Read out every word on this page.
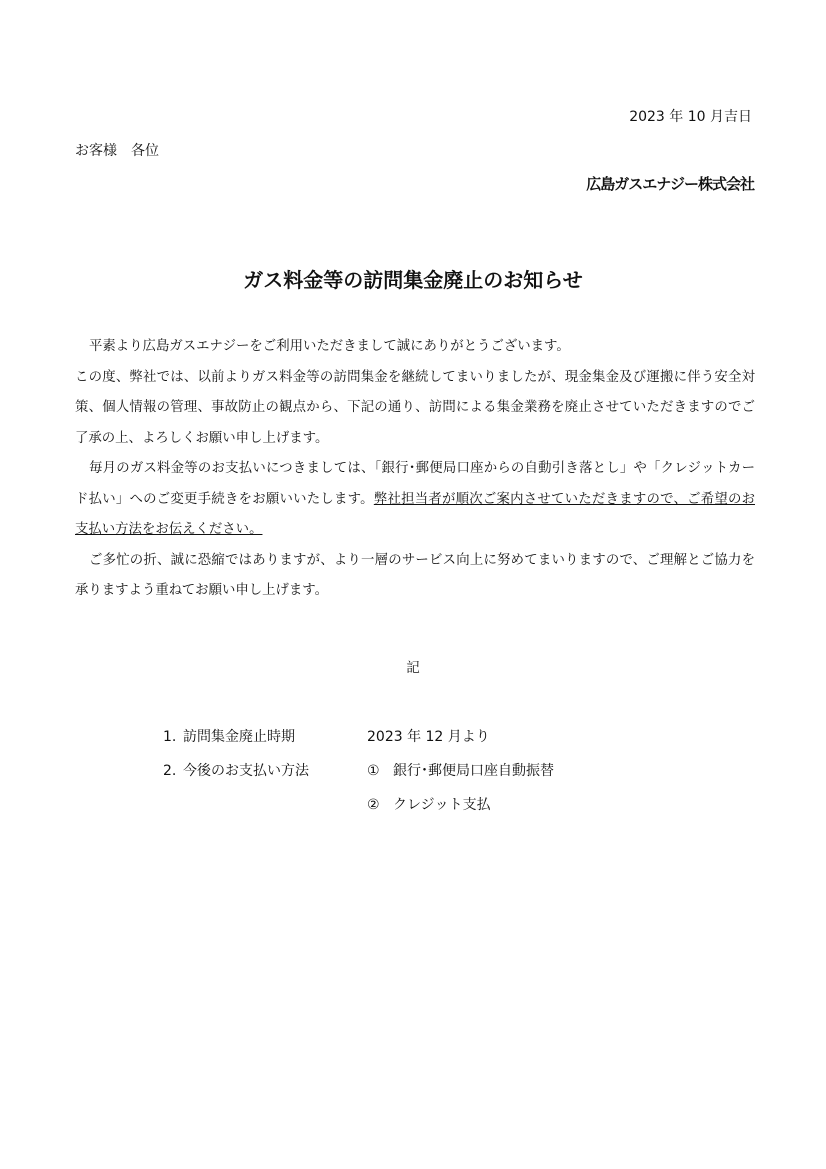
2023 年 10 月吉日
お客様　各位
広島ガスエナジー株式会社
ガス料金等の訪問集金廃止のお知らせ

平素より広島ガスエナジーをご利用いただきまして誠にありがとうございます。

この度、弊社では、以前よりガス料金等の訪問集金を継続してまいりましたが、現金集金及び運搬に伴う安全対策、個人情報の管理、事故防止の観点から、下記の通り、訪問による集金業務を廃止させていただきますのでご了承の上、よろしくお願い申し上げます。

毎月のガス料金等のお支払いにつきましては、「銀行･郵便局口座からの自動引き落とし」や「クレジットカード払い」へのご変更手続きをお願いいたします。弊社担当者が順次ご案内させていただきますので、ご希望のお支払い方法をお伝えください。

ご多忙の折、誠に恐縮ではありますが、より一層のサービス向上に努めてまいりますので、ご理解とご協力を承りますよう重ねてお願い申し上げます。

記
1. 訪問集金廃止時期	2023 年 12 月より
2. 今後のお支払い方法	① 銀行･郵便局口座自動振替
② クレジット支払
